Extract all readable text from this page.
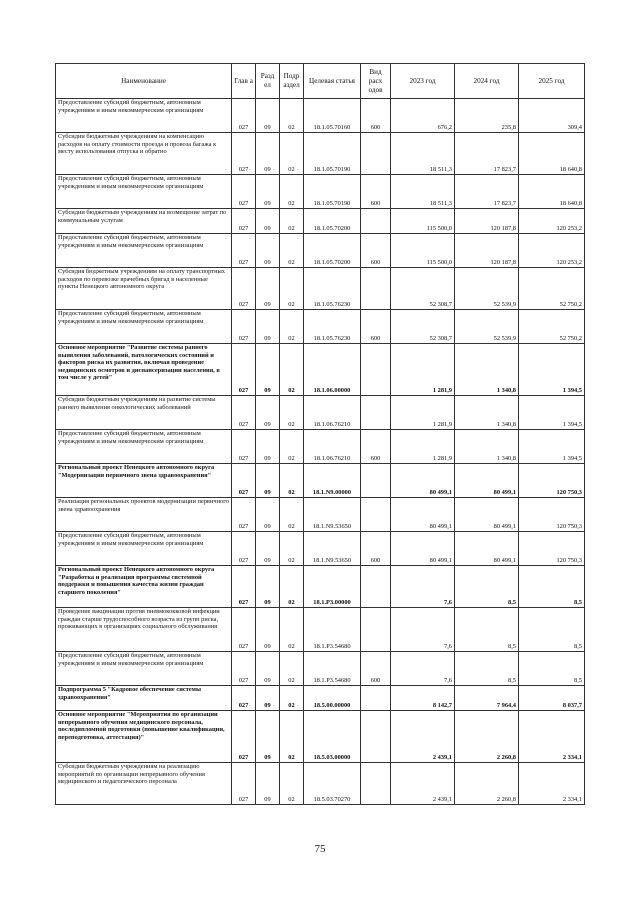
Наименование	Глав а	Разд ел	Подр аздел	Целевая статья	Вид расх одов	2023 год	2024 год	2025 год
Предоставление субсидий бюджетным, автономным учреждениям и иным некоммерческим организациям	027	09	02	18.1.05.70160	600	676,2	235,8	309,4
Субсидии бюджетным учреждениям на компенсацию расходов на оплату стоимости проезда и провоза багажа к месту использования отпуска и обратно	027	09	02	18.1.05.70190		18 511,3	17 823,7	18 640,8
Предоставление субсидий бюджетным, автономным учреждениям и иным некоммерческим организациям	027	09	02	18.1.05.70190	600	18 511,3	17 823,7	18 640,8
Субсидии бюджетным учреждениям на возмещение затрат по коммунальным услугам	027	09	02	18.1.05.70200		115 500,0	120 187,8	120 253,2
Предоставление субсидий бюджетным, автономным учреждениям и иным некоммерческим организациям	027	09	02	18.1.05.70200	600	115 500,0	120 187,8	120 253,2
Субсидия бюджетным учреждениям на оплату транспортных расходов по перевозке врачебных бригад в населенные пункты Ненецкого автономного округа	027	09	02	18.1.05.76230		52 308,7	52 539,9	52 750,2
Предоставление субсидий бюджетным, автономным учреждениям и иным некоммерческим организациям	027	09	02	18.1.05.76230	600	52 308,7	52 539,9	52 750,2
Основное мероприятие "Развитие системы раннего выявления заболеваний, патологических состояний и факторов риска их развития, включая проведение медицинских осмотров и диспансеризации населения, в том числе у детей"	027	09	02	18.1.06.00000		1 281,9	1 340,8	1 394,5
Субсидии бюджетным учреждениям на развитие системы раннего выявления онкологических заболеваний	027	09	02	18.1.06.76210		1 281,9	1 340,8	1 394,5
Предоставление субсидий бюджетным, автономным учреждениям и иным некоммерческим организациям	027	09	02	18.1.06.76210	600	1 281,9	1 340,8	1 394,5
Региональный проект Ненецкого автономного округа "Модернизация первичного звена здравоохранения"	027	09	02	18.1.N9.00000		80 499,1	80 499,1	120 750,3
Реализация региональных проектов модернизации первичного звена здравоохранения	027	09	02	18.1.N9.53650		80 499,1	80 499,1	120 750,3
Предоставление субсидий бюджетным, автономным учреждениям и иным некоммерческим организациям	027	09	02	18.1.N9.53650	600	80 499,1	80 499,1	120 750,3
Региональный проект Ненецкого автономного округа "Разработка и реализация программы системной поддержки и повышения качества жизни граждан старшего поколения"	027	09	02	18.1.P3.00000		7,6	8,5	8,5
Проведение вакцинации против пневмококковой инфекции граждан старше трудоспособного возраста из групп риска, проживающих в организациях социального обслуживания	027	09	02	18.1.P3.54680		7,6	8,5	8,5
Предоставление субсидий бюджетным, автономным учреждениям и иным некоммерческим организациям	027	09	02	18.1.P3.54680	600	7,6	8,5	8,5
Подпрограмма 5 "Кадровое обеспечение системы здравоохранения"	027	09	02	18.5.00.00000		8 142,7	7 964,4	8 037,7
Основное мероприятие "Мероприятия по организации непрерывного обучения медицинского персонала, последипломной подготовки (повышение квалификации, переподготовка, аттестация)"	027	09	02	18.5.03.00000		2 439,1	2 260,8	2 334,1
Субсидии бюджетным учреждениям на реализацию мероприятий по организации непрерывного обучения медицинского и педагогического персонала	027	09	02	18.5.03.70270		2 439,1	2 260,8	2 334,1
75
